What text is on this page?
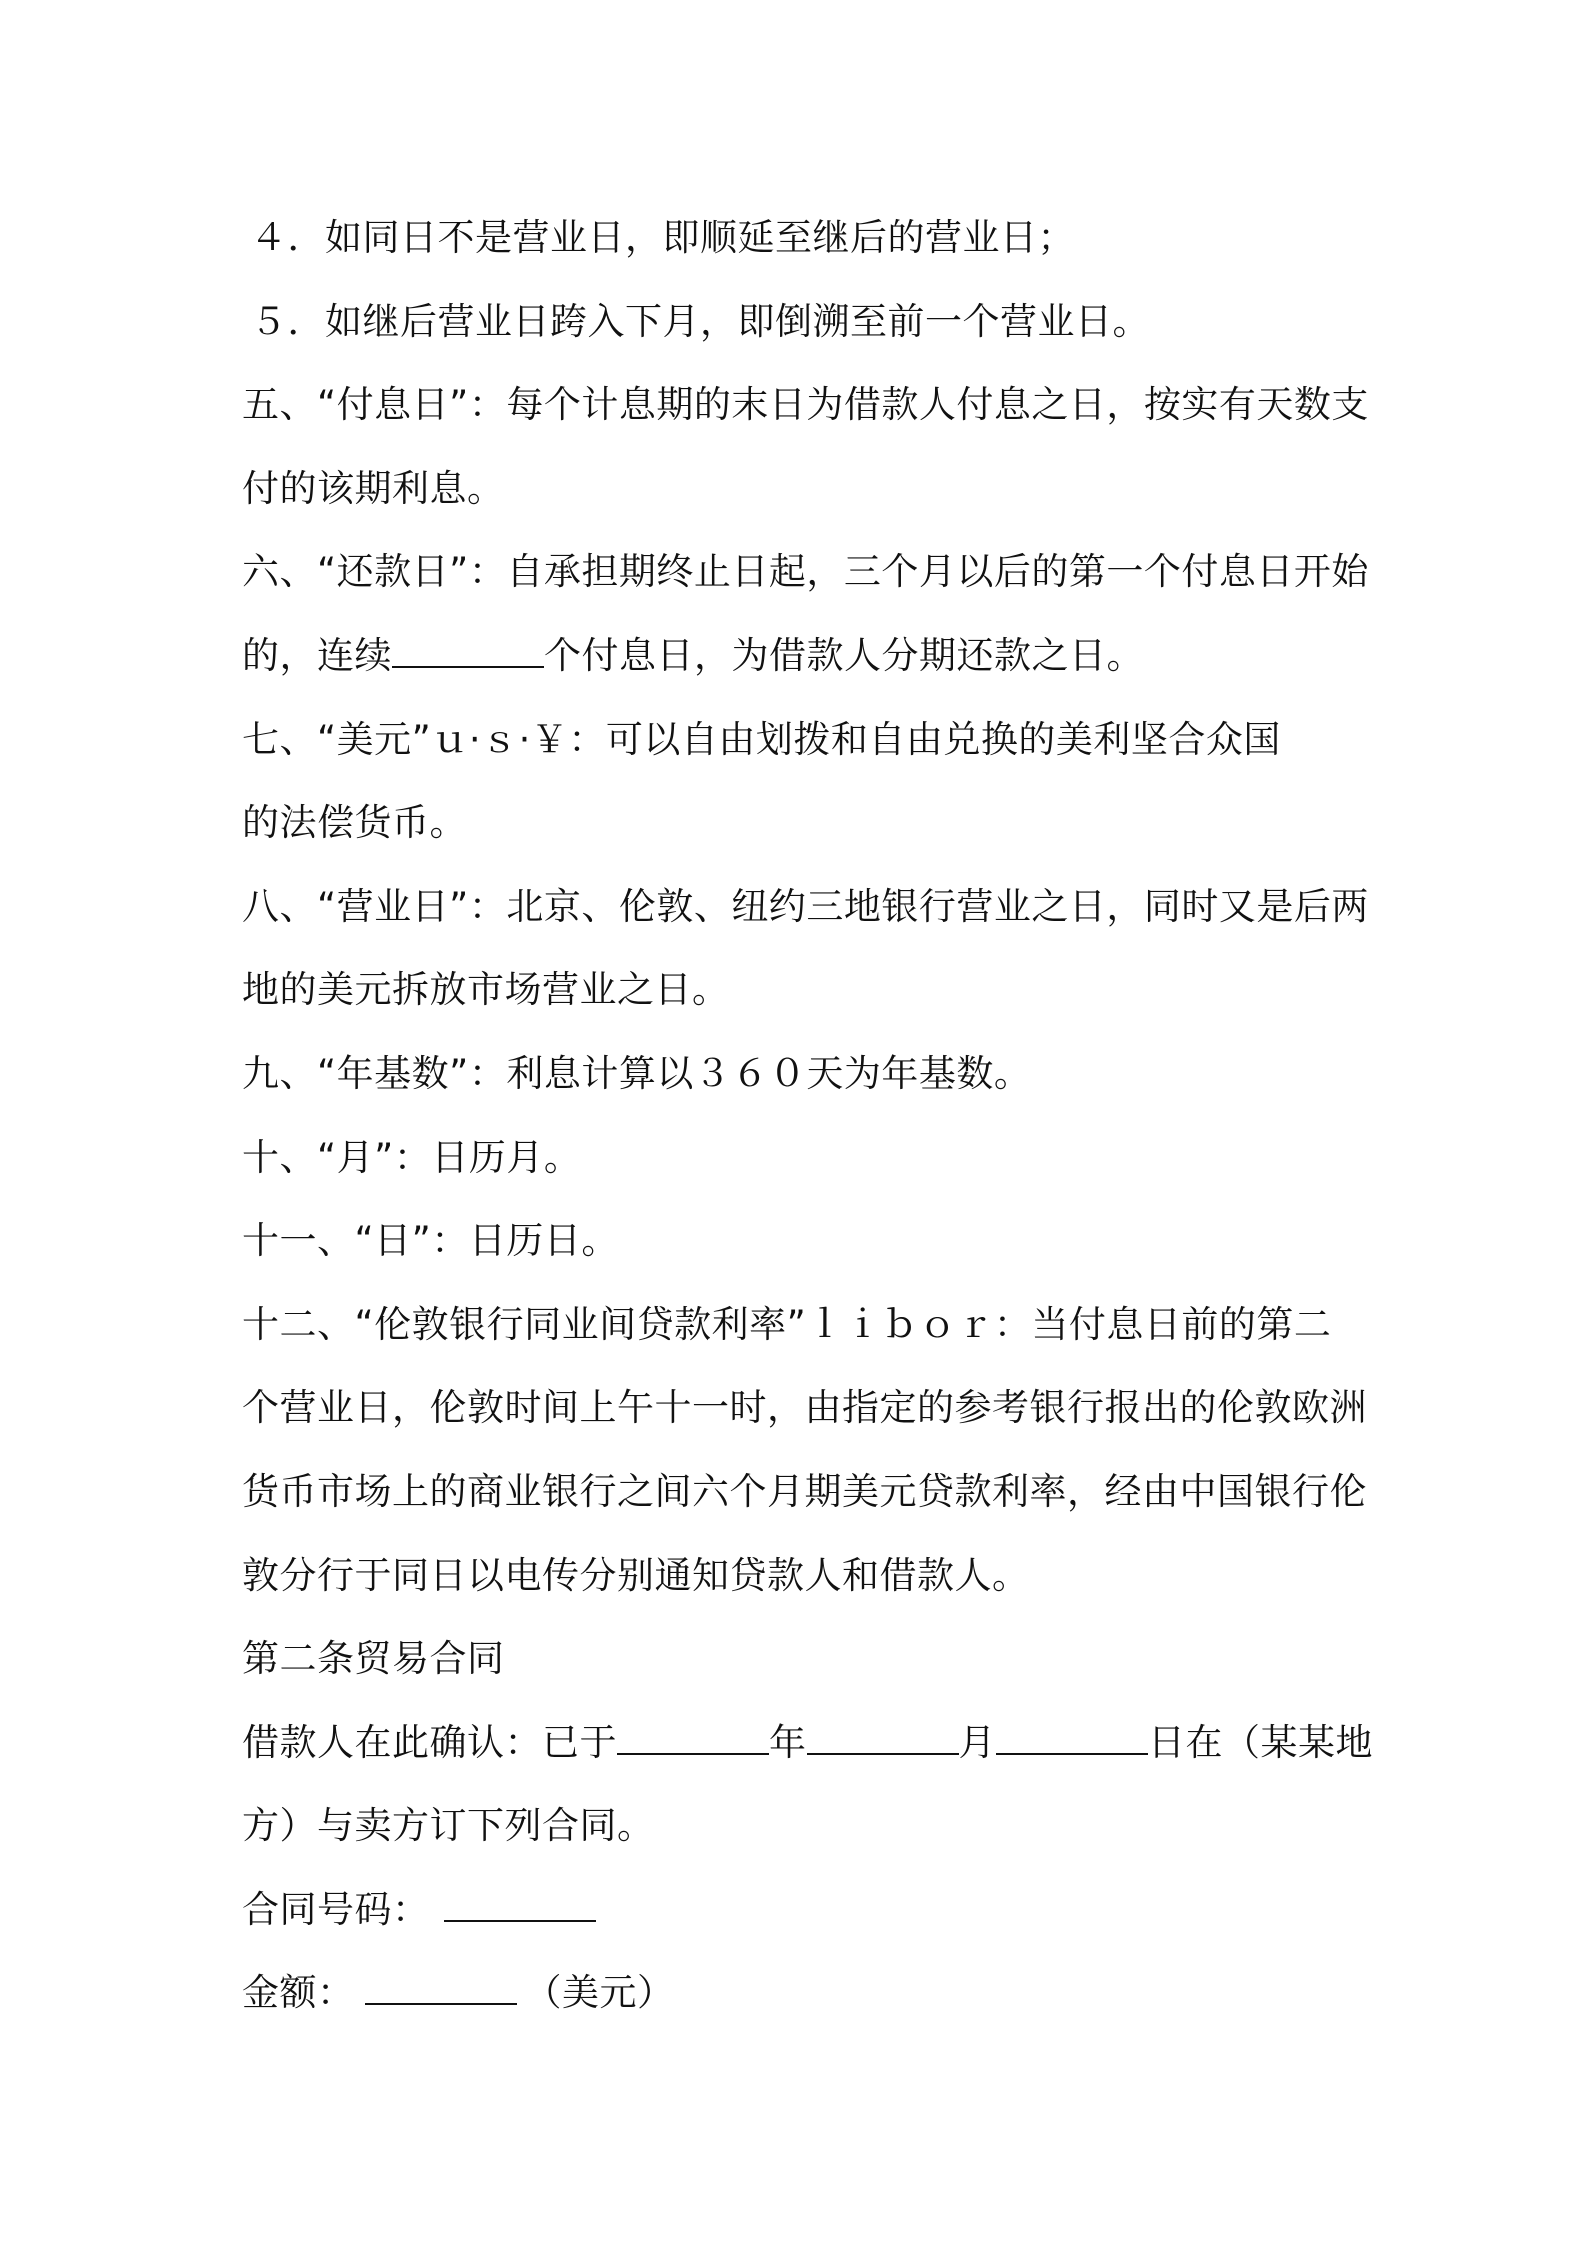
４．如同日不是营业日，即顺延至继后的营业日；
５．如继后营业日跨入下月，即倒溯至前一个营业日。
五、“付息日”：每个计息期的末日为借款人付息之日，按实有天数支
付的该期利息。
六、“还款日”：自承担期终止日起，三个月以后的第一个付息日开始
的，连续	个付息日，为借款人分期还款之日。
七、“美元”ｕ·ｓ·￥：可以自由划拨和自由兑换的美利坚合众国
的法偿货币。
八、“营业日”：北京、伦敦、纽约三地银行营业之日，同时又是后两
地的美元拆放市场营业之日。
九、“年基数”：利息计算以３６０天为年基数。
十、“月”：日历月。
十一、“日”：日历日。
十二、“伦敦银行同业间贷款利率”ｌｉｂｏｒ：当付息日前的第二
个营业日，伦敦时间上午十一时，由指定的参考银行报出的伦敦欧洲
货币市场上的商业银行之间六个月期美元贷款利率，经由中国银行伦
敦分行于同日以电传分别通知贷款人和借款人。
第二条贸易合同
借款人在此确认：已于	年	月	日在（某某地
方）与卖方订下列合同。
合同号码：
金额：	（美元）
